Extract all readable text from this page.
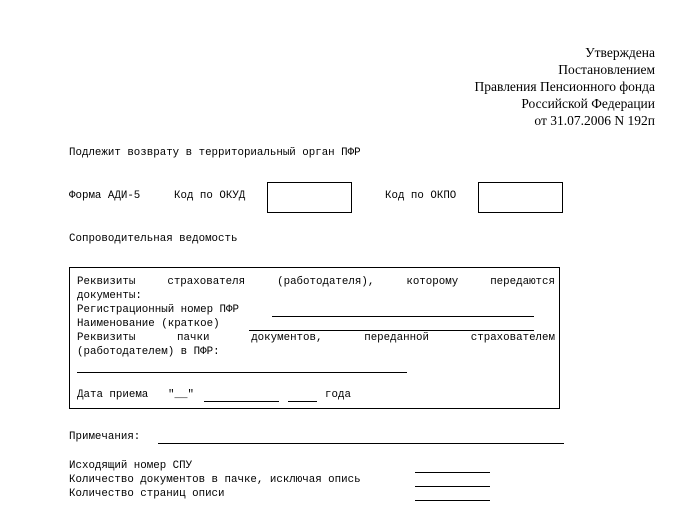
Утверждена
Постановлением
Правления Пенсионного фонда
Российской Федерации
от 31.07.2006 N 192п
Подлежит возврату в территориальный орган ПФР
Форма АДИ-5	Код по ОКУД	Код по ОКПО
Сопроводительная ведомость
Реквизиты страхователя (работодателя), которому передаются
документы:
Регистрационный номер ПФР
Наименование (краткое)
Реквизиты пачки документов, переданной страхователем
(работодателем) в ПФР:
Дата приема "__"	года
Примечания:
Исходящий номер СПУ
Количество документов в пачке, исключая опись
Количество страниц описи
